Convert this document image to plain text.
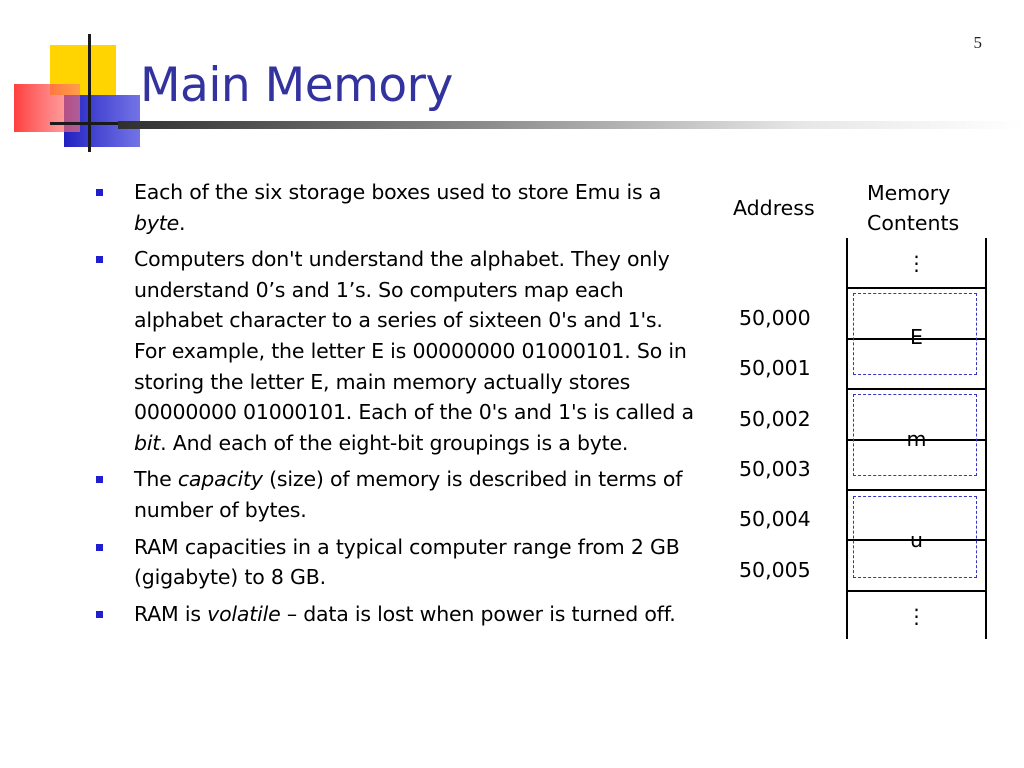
5
Main Memory
Each of the six storage boxes used to store Emu is a byte.
Computers don't understand the alphabet. They only understand 0’s and 1’s. So computers map each alphabet character to a series of sixteen 0's and 1's. For example, the letter E is 00000000 01000101. So in storing the letter E, main memory actually stores 00000000 01000101. Each of the 0's and 1's is called a bit. And each of the eight-bit groupings is a byte.
The capacity (size) of memory is described in terms of number of bytes.
RAM capacities in a typical computer range from 2 GB (gigabyte) to 8 GB.
RAM is volatile – data is lost when power is turned off.
Address
Memory
Contents
50,000
50,001
50,002
50,003
50,004
50,005
E
m
u
⋮
⋮
